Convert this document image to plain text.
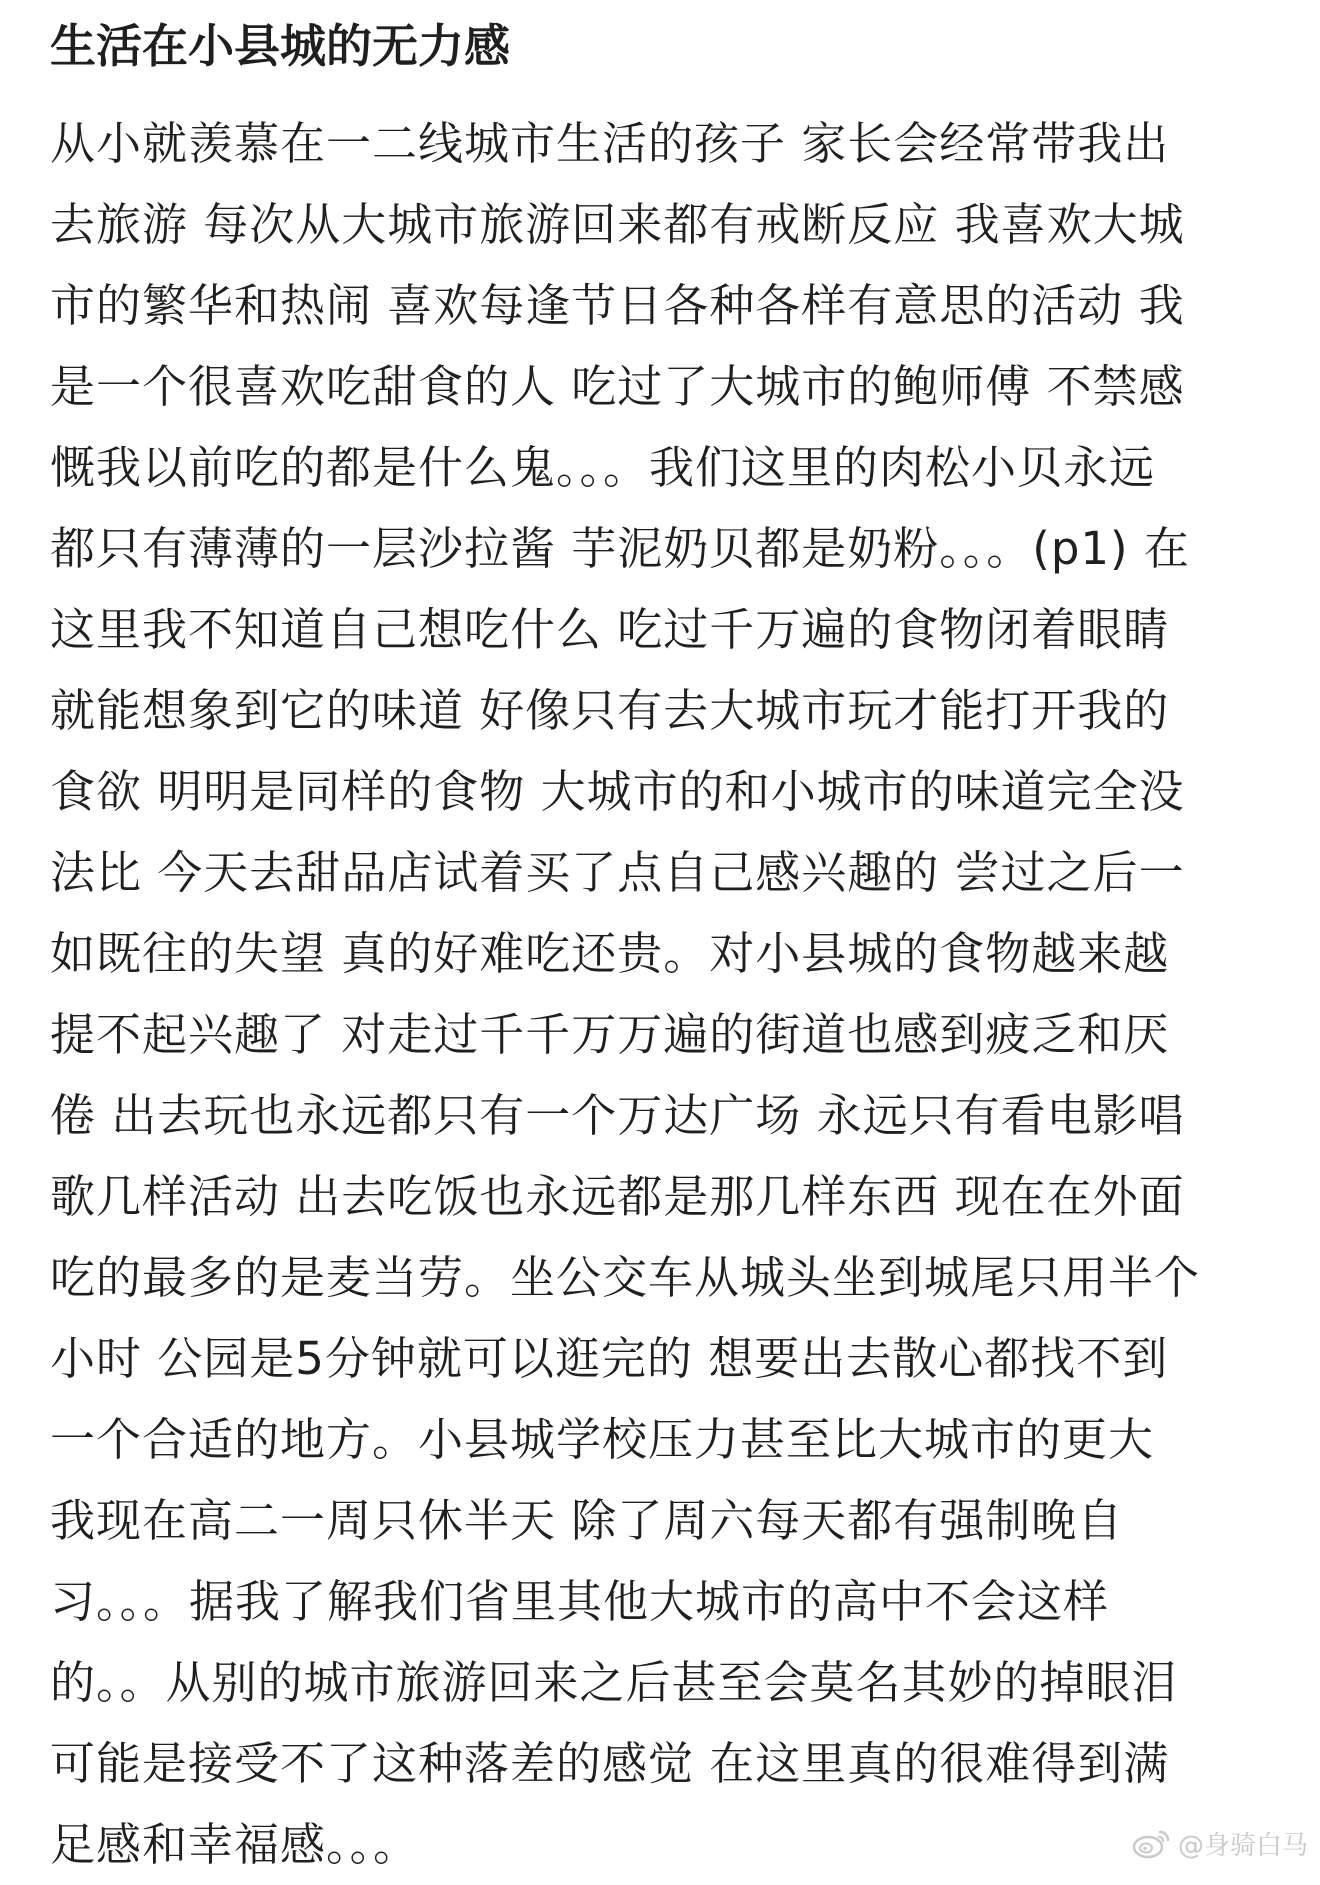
生活在小县城的无力感
从小就羡慕在一二线城市生活的孩子 家长会经常带我出
去旅游 每次从大城市旅游回来都有戒断反应 我喜欢大城
市的繁华和热闹 喜欢每逢节日各种各样有意思的活动 我
是一个很喜欢吃甜食的人 吃过了大城市的鲍师傅 不禁感
慨我以前吃的都是什么鬼。。。我们这里的肉松小贝永远
都只有薄薄的一层沙拉酱 芋泥奶贝都是奶粉。。。(p1) 在
这里我不知道自己想吃什么 吃过千万遍的食物闭着眼睛
就能想象到它的味道 好像只有去大城市玩才能打开我的
食欲 明明是同样的食物 大城市的和小城市的味道完全没
法比 今天去甜品店试着买了点自己感兴趣的 尝过之后一
如既往的失望 真的好难吃还贵。对小县城的食物越来越
提不起兴趣了 对走过千千万万遍的街道也感到疲乏和厌
倦 出去玩也永远都只有一个万达广场 永远只有看电影唱
歌几样活动 出去吃饭也永远都是那几样东西 现在在外面
吃的最多的是麦当劳。坐公交车从城头坐到城尾只用半个
小时 公园是5分钟就可以逛完的 想要出去散心都找不到
一个合适的地方。小县城学校压力甚至比大城市的更大
我现在高二一周只休半天 除了周六每天都有强制晚自
习。。。据我了解我们省里其他大城市的高中不会这样
的。。从别的城市旅游回来之后甚至会莫名其妙的掉眼泪
可能是接受不了这种落差的感觉 在这里真的很难得到满
足感和幸福感。。。	@身骑白马
